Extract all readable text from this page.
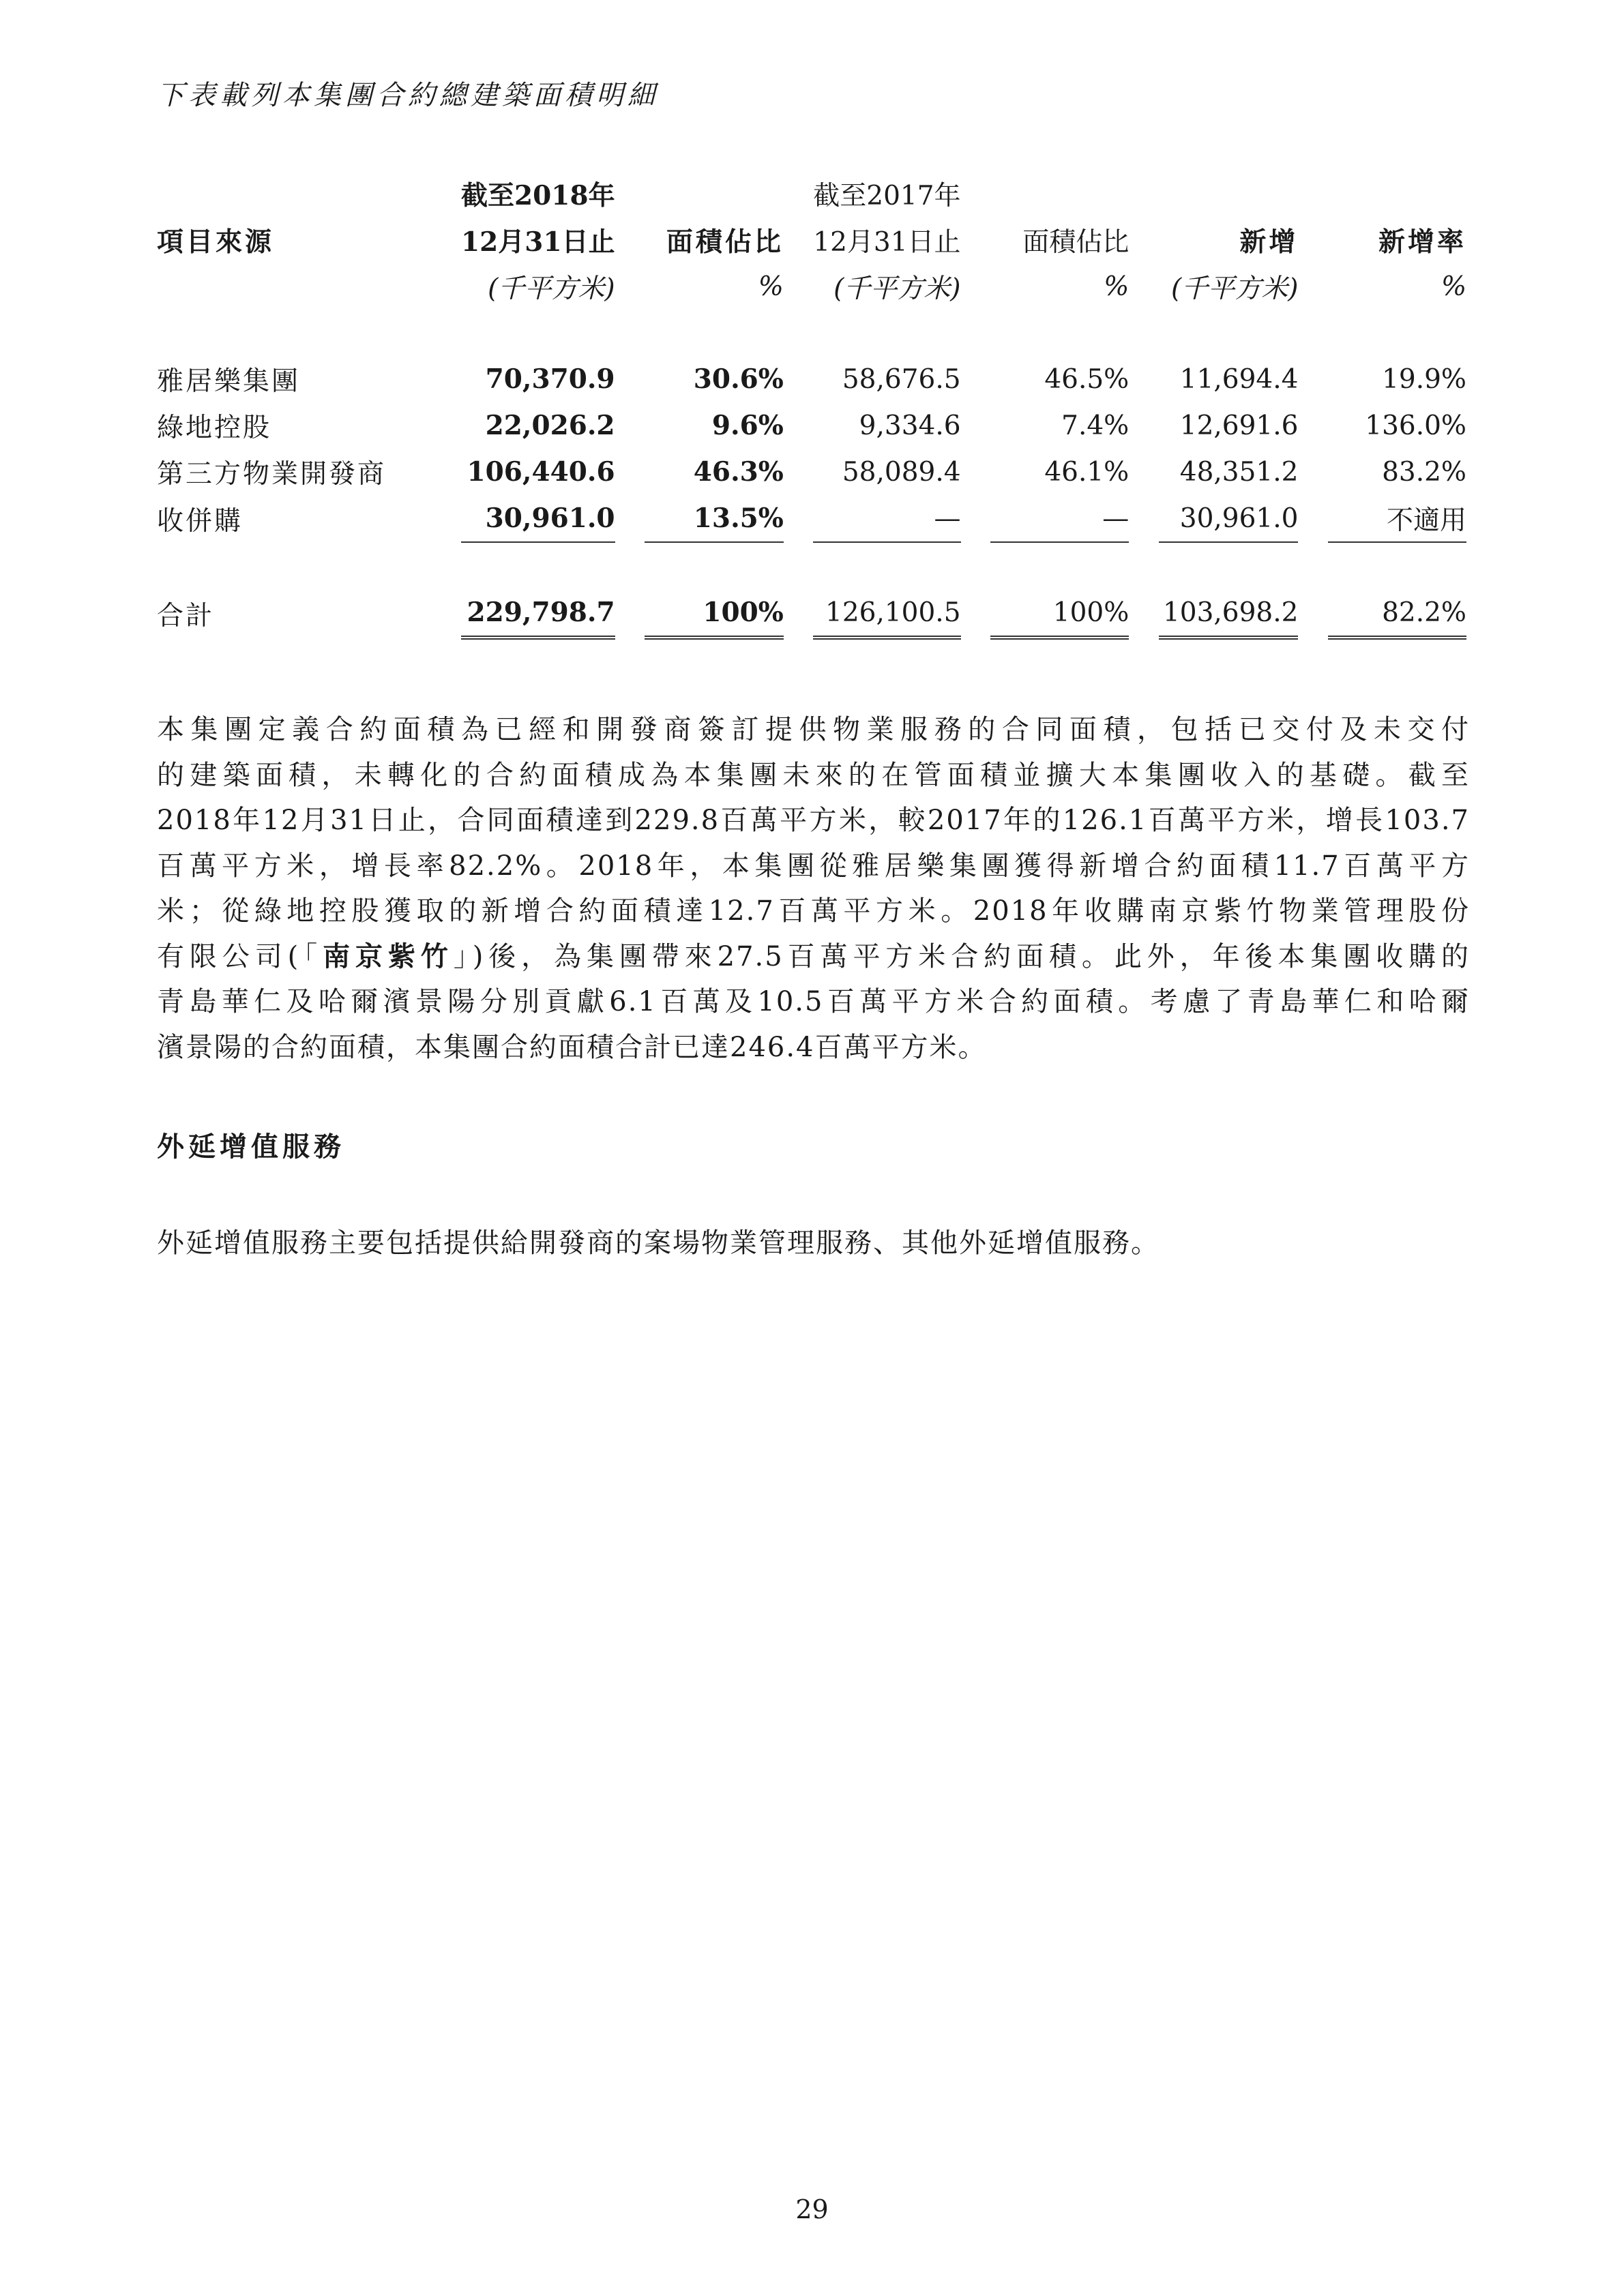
下表載列本集團合約總建築面積明細
	截至2018年				截至2017年						
項目來源	12月31日止		面積佔比		12月31日止		面積佔比		新增		新增率
	(千平方米)		%		(千平方米)		%		(千平方米)		%

雅居樂集團	70,370.9		30.6%		58,676.5		46.5%		11,694.4		19.9%
綠地控股	22,026.2		9.6%		9,334.6		7.4%		12,691.6		136.0%
第三方物業開發商	106,440.6		46.3%		58,089.4		46.1%		48,351.2		83.2%
收併購	30,961.0		13.5%		—		—		30,961.0		不適用

合計	229,798.7		100%		126,100.5		100%		103,698.2		82.2%
本集團定義合約面積為已經和開發商簽訂提供物業服務的合同面積，包括已交付及未交付
的建築面積，未轉化的合約面積成為本集團未來的在管面積並擴大本集團收入的基礎。截至
2018年12月31日止，合同面積達到229.8百萬平方米，較2017年的126.1百萬平方米，增長103.7
百萬平方米，增長率82.2%。2018年，本集團從雅居樂集團獲得新增合約面積11.7百萬平方
米；從綠地控股獲取的新增合約面積達12.7百萬平方米。2018年收購南京紫竹物業管理股份
有限公司(「南京紫竹」)後，為集團帶來27.5百萬平方米合約面積。此外，年後本集團收購的
青島華仁及哈爾濱景陽分別貢獻6.1百萬及10.5百萬平方米合約面積。考慮了青島華仁和哈爾
濱景陽的合約面積，本集團合約面積合計已達246.4百萬平方米。
外延增值服務
外延增值服務主要包括提供給開發商的案場物業管理服務、其他外延增值服務。
29
